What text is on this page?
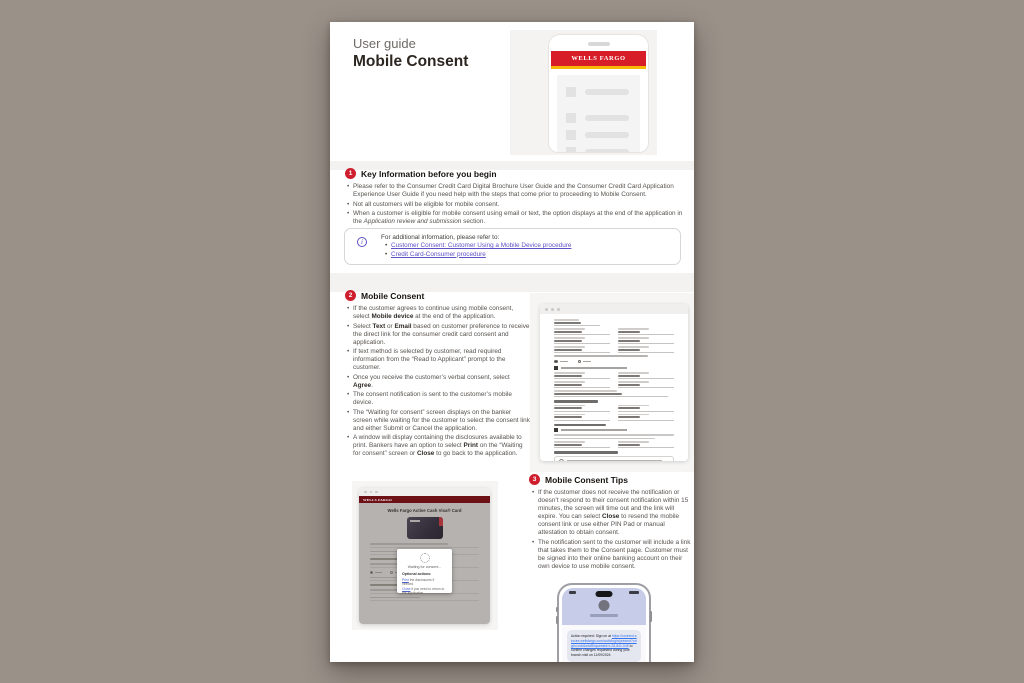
User guide
Mobile Consent	WELLS FARGO
1	Key Information before you begin
• Please refer to the Consumer Credit Card Digital Brochure User Guide and the Consumer Credit Card Application Experience User Guide if you need help with the steps that come prior to proceeding to Mobile Consent.
• Not all customers will be eligible for mobile consent.
• When a customer is eligible for mobile consent using email or text, the option displays at the end of the application in the Application review and submission section.
i
For additional information, please refer to:
• Customer Consent: Customer Using a Mobile Device procedure
• Credit Card-Consumer procedure
2	Mobile Consent
• If the customer agrees to continue using mobile consent, select Mobile device at the end of the application.
• Select Text or Email based on customer preference to receive the direct link for the consumer credit card consent and application.
• If text method is selected by customer, read required information from the “Read to Applicant” prompt to the customer.
• Once you receive the customer’s verbal consent, select Agree.
• The consent notification is sent to the customer’s mobile device.
• The “Waiting for consent” screen displays on the banker screen while waiting for the customer to select the consent link and either Submit or Cancel the application.
• A window will display containing the disclosures available to print. Bankers have an option to select Print on the “Waiting for consent” screen or Close to go back to the application.
3	Mobile Consent Tips
• If the customer does not receive the notification or doesn’t respond to their consent notification within 15 minutes, the screen will time out and the link will expire. You can select Close to resend the mobile consent link or use either PIN Pad or manual attestation to obtain consent.
• The notification sent to the customer will include a link that takes them to the Consent page. Customer must be signed into their online banking account on their own device to use mobile consent.
WELLS FARGO
Wells Fargo Active Cash Visa® Card
Waiting for consent...
Optional actions:
Print the disclosures if needed.
Close if you need to return to the application.
Action required: Sign on at https://connect.secure.wellsfargo.com/auth/login/present?origin=cob&mfaRequested=t-26-841-045 to confirm changes requested during your branch visit on 11/09/2024
